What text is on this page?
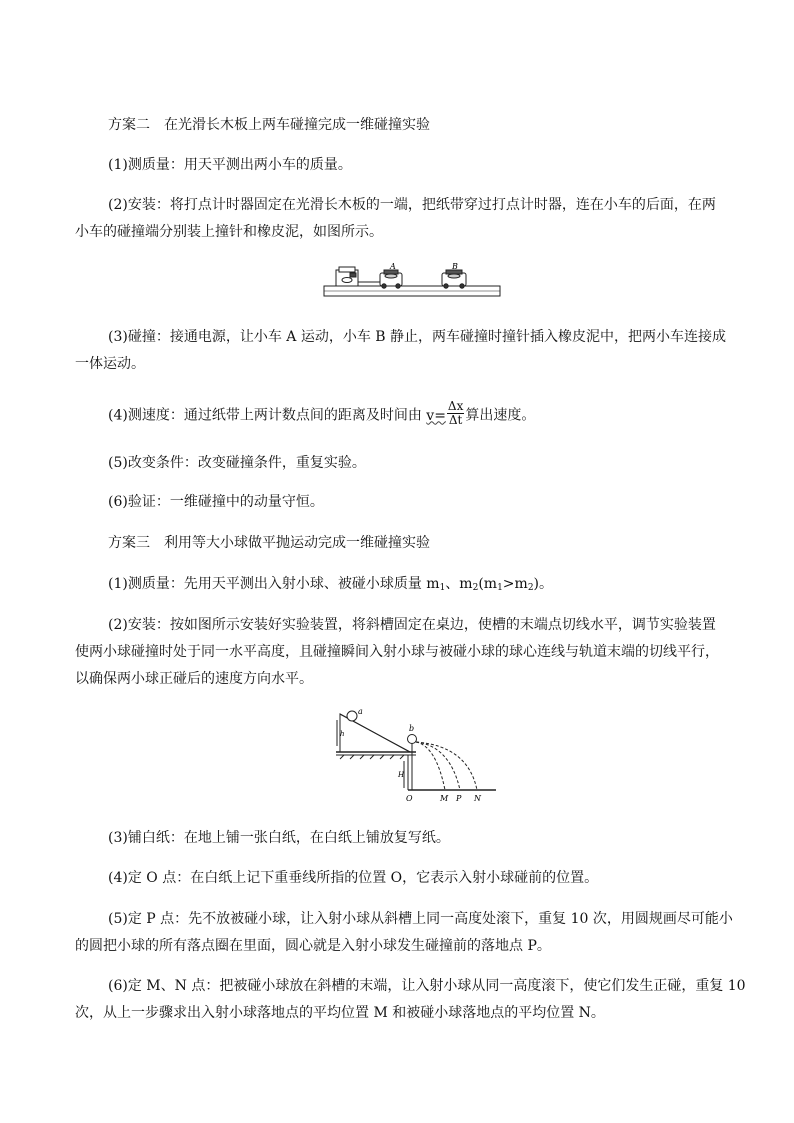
方案二　在光滑长木板上两车碰撞完成一维碰撞实验
(1)测质量：用天平测出两小车的质量。
(2)安装：将打点计时器固定在光滑长木板的一端，把纸带穿过打点计时器，连在小车的后面，在两
小车的碰撞端分别装上撞针和橡皮泥，如图所示。
A	B
(3)碰撞：接通电源，让小车 A 运动，小车 B 静止，两车碰撞时撞针插入橡皮泥中，把两小车连接成
一体运动。
(4)测速度：通过纸带上两计数点间的距离及时间由 $v= \frac{\Delta x}{\Delta t}$ 算出速度。
(5)改变条件：改变碰撞条件，重复实验。
(6)验证：一维碰撞中的动量守恒。
方案三　利用等大小球做平抛运动完成一维碰撞实验
(1)测质量：先用天平测出入射小球、被碰小球质量 $m_1$、$m_2(m_1>m_2)$。
(2)安装：按如图所示安装好实验装置，将斜槽固定在桌边，使槽的末端点切线水平，调节实验装置
使两小球碰撞时处于同一水平高度，且碰撞瞬间入射小球与被碰小球的球心连线与轨道末端的切线平行，
以确保两小球正碰后的速度方向水平。
a
b
h
H
O	M P N
(3)铺白纸：在地上铺一张白纸，在白纸上铺放复写纸。
(4)定 O 点：在白纸上记下重垂线所指的位置 O，它表示入射小球碰前的位置。
(5)定 P 点：先不放被碰小球，让入射小球从斜槽上同一高度处滚下，重复 10 次，用圆规画尽可能小
的圆把小球的所有落点圈在里面，圆心就是入射小球发生碰撞前的落地点 P。
(6)定 M、N 点：把被碰小球放在斜槽的末端，让入射小球从同一高度滚下，使它们发生正碰，重复 10
次，从上一步骤求出入射小球落地点的平均位置 M 和被碰小球落地点的平均位置 N。
